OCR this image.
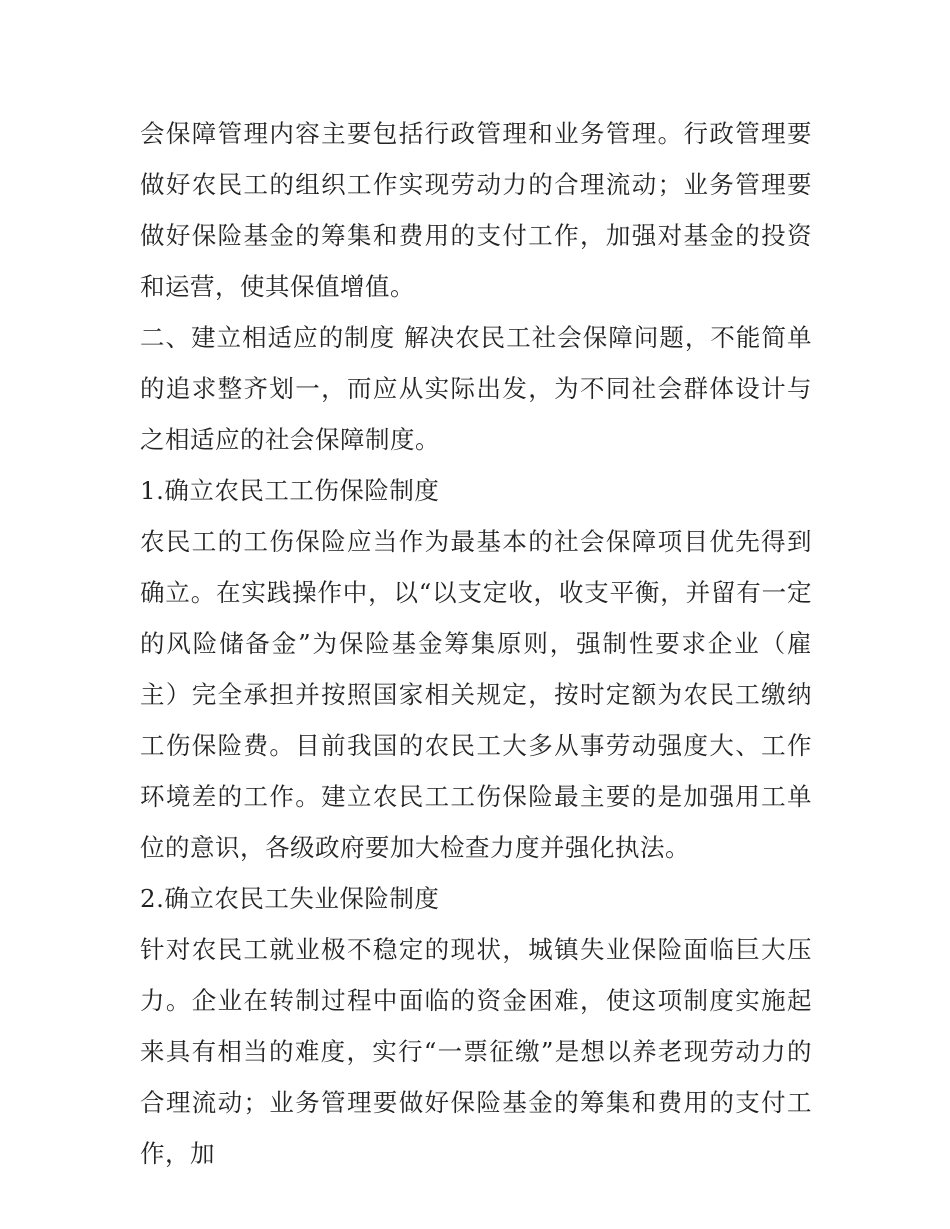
会保障管理内容主要包括行政管理和业务管理。行政管理要做好农民工的组织工作实现劳动力的合理流动；业务管理要做好保险基金的筹集和费用的支付工作，加强对基金的投资和运营，使其保值增值。

二、建立相适应的制度 解决农民工社会保障问题，不能简单的追求整齐划一，而应从实际出发，为不同社会群体设计与之相适应的社会保障制度。

1.确立农民工工伤保险制度

农民工的工伤保险应当作为最基本的社会保障项目优先得到确立。在实践操作中，以“以支定收，收支平衡，并留有一定的风险储备金”为保险基金筹集原则，强制性要求企业（雇主）完全承担并按照国家相关规定，按时定额为农民工缴纳工伤保险费。目前我国的农民工大多从事劳动强度大、工作环境差的工作。建立农民工工伤保险最主要的是加强用工单位的意识，各级政府要加大检查力度并强化执法。

2.确立农民工失业保险制度

针对农民工就业极不稳定的现状，城镇失业保险面临巨大压力。企业在转制过程中面临的资金困难，使这项制度实施起来具有相当的难度，实行“一票征缴”是想以养老现劳动力的合理流动；业务管理要做好保险基金的筹集和费用的支付工作，加
